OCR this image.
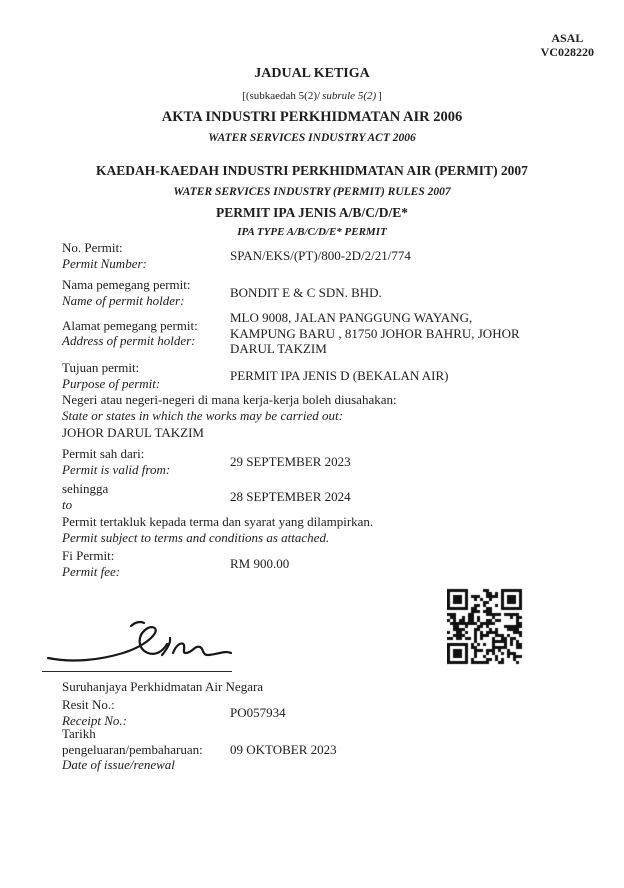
ASAL
VC028220
JADUAL KETIGA
[(subkaedah 5(2)/ subrule 5(2) ]
AKTA INDUSTRI PERKHIDMATAN AIR 2006
WATER SERVICES INDUSTRY ACT 2006
KAEDAH-KAEDAH INDUSTRI PERKHIDMATAN AIR (PERMIT) 2007
WATER SERVICES INDUSTRY (PERMIT) RULES 2007
PERMIT IPA JENIS A/B/C/D/E*
IPA TYPE A/B/C/D/E* PERMIT
No. Permit:
Permit Number:
SPAN/EKS/(PT)/800-2D/2/21/774
Nama pemegang permit:
Name of permit holder:
BONDIT E & C SDN. BHD.
Alamat pemegang permit:
Address of permit holder:
MLO 9008, JALAN PANGGUNG WAYANG,
KAMPUNG BARU , 81750 JOHOR BAHRU, JOHOR
DARUL TAKZIM
Tujuan permit:
Purpose of permit:
PERMIT IPA JENIS D (BEKALAN AIR)
Negeri atau negeri-negeri di mana kerja-kerja boleh diusahakan:
State or states in which the works may be carried out:
JOHOR DARUL TAKZIM
Permit sah dari:
Permit is valid from:
29 SEPTEMBER 2023
sehingga
to
28 SEPTEMBER 2024
Permit tertakluk kepada terma dan syarat yang dilampirkan.
Permit subject to terms and conditions as attached.
Fi Permit:
Permit fee:
RM 900.00
Suruhanjaya Perkhidmatan Air Negara
Resit No.:
Receipt No.:
PO057934
Tarikh pengeluaran/pembaharuan:
Date of issue/renewal
09 OKTOBER 2023
